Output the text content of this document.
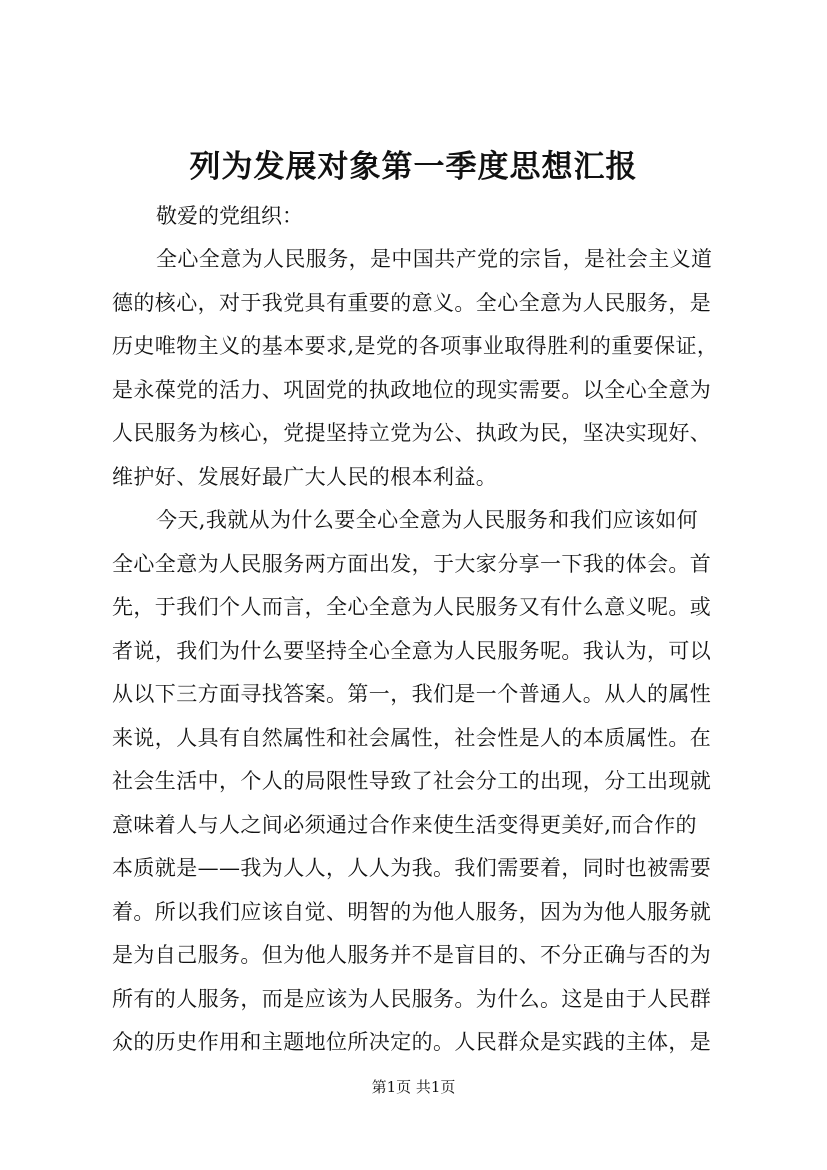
列为发展对象第一季度思想汇报

敬爱的党组织：

全心全意为人民服务，是中国共产党的宗旨，是社会主义道

德的核心，对于我党具有重要的意义。全心全意为人民服务，是

历史唯物主义的基本要求,是党的各项事业取得胜利的重要保证，

是永葆党的活力、巩固党的执政地位的现实需要。以全心全意为

人民服务为核心，党提坚持立党为公、执政为民，坚决实现好、

维护好、发展好最广大人民的根本利益。

今天,我就从为什么要全心全意为人民服务和我们应该如何

全心全意为人民服务两方面出发，于大家分享一下我的体会。首

先，于我们个人而言，全心全意为人民服务又有什么意义呢。或

者说，我们为什么要坚持全心全意为人民服务呢。我认为，可以

从以下三方面寻找答案。第一，我们是一个普通人。从人的属性

来说，人具有自然属性和社会属性，社会性是人的本质属性。在

社会生活中，个人的局限性导致了社会分工的出现，分工出现就

意味着人与人之间必须通过合作来使生活变得更美好,而合作的

本质就是——我为人人，人人为我。我们需要着，同时也被需要

着。所以我们应该自觉、明智的为他人服务，因为为他人服务就

是为自己服务。但为他人服务并不是盲目的、不分正确与否的为

所有的人服务，而是应该为人民服务。为什么。这是由于人民群

众的历史作用和主题地位所决定的。人民群众是实践的主体，是

第1页 共1页
